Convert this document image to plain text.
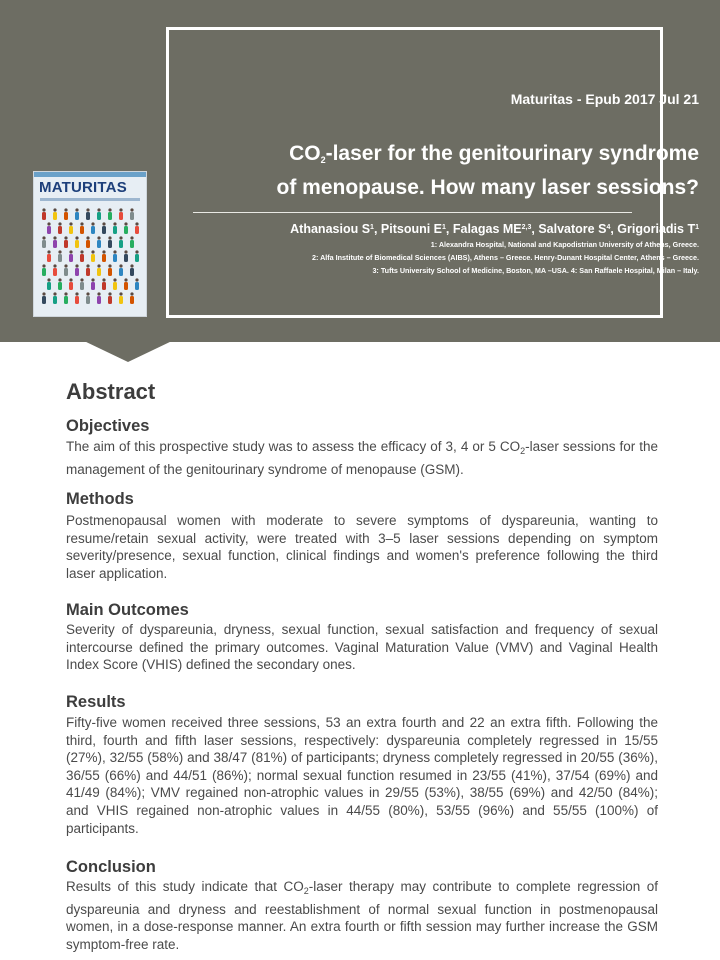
MATURITAS
Maturitas - Epub 2017 Jul 21
$CO_2$-laser for the genitourinary syndrome
of menopause. How many laser sessions?
Athanasiou $S^1$, Pitsouni $E^1$, Falagas ME$^{2,3}$, Salvatore $S^4$, Grigoriadis $T^1$
1: Alexandra Hospital, National and Kapodistrian University of Athens, Greece.
2: Alfa Institute of Biomedical Sciences (AIBS), Athens – Greece. Henry-Dunant Hospital Center, Athens – Greece.
3: Tufts University School of Medicine, Boston, MA –USA. 4: San Raffaele Hospital, Milan – Italy.
Abstract
Objectives
The aim of this prospective study was to assess the efficacy of 3, 4 or 5 $CO_2$-laser sessions for the management of the genitourinary syndrome of menopause (GSM).
Methods
Postmenopausal women with moderate to severe symptoms of dyspareunia, wanting to resume/retain sexual activity, were treated with 3–5 laser sessions depending on symptom severity/presence, sexual function, clinical findings and women's preference following the third laser application.
Main Outcomes
Severity of dyspareunia, dryness, sexual function, sexual satisfaction and frequency of sexual intercourse defined the primary outcomes. Vaginal Maturation Value (VMV) and Vaginal Health Index Score (VHIS) defined the secondary ones.
Results
Fifty-five women received three sessions, 53 an extra fourth and 22 an extra fifth. Following the third, fourth and fifth laser sessions, respectively: dyspareunia completely regressed in 15/55 (27%), 32/55 (58%) and 38/47 (81%) of participants; dryness completely regressed in 20/55 (36%), 36/55 (66%) and 44/51 (86%); normal sexual function resumed in 23/55 (41%), 37/54 (69%) and 41/49 (84%); VMV regained non-atrophic values in 29/55 (53%), 38/55 (69%) and 42/50 (84%); and VHIS regained non-atrophic values in 44/55 (80%), 53/55 (96%) and 55/55 (100%) of participants.
Conclusion
Results of this study indicate that $CO_2$-laser therapy may contribute to complete regression of dyspareunia and dryness and reestablishment of normal sexual function in postmenopausal women, in a dose-response manner. An extra fourth or fifth session may further increase the GSM symptom-free rate.
